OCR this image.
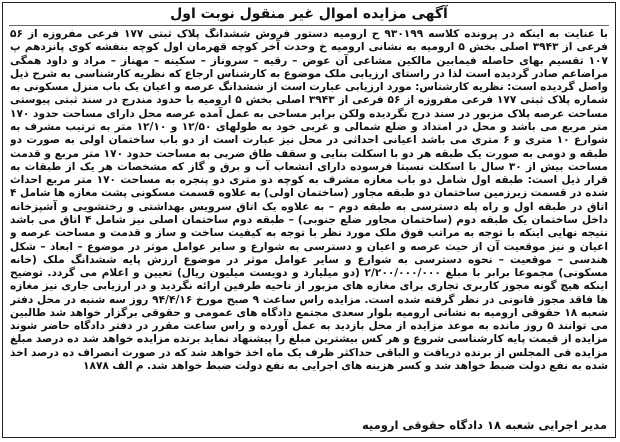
آگهی مزایده اموال غیر منقول نوبت اول

با عنایت به اینکه در پرونده کلاسه ۹۳۰۱۹۹ ح ارومیه دستور فروش ششدانگ پلاک ثبتی ۱۷۷ فرعی مفروزه از ۵۶ فرعی از ۳۹۴۳ اصلی بخش ۵ ارومیه به نشانی ارومیه خ وحدت آخر کوچه قهرمان اول کوچه بنفشه کوی پانزدهم پ ۱۰۷ تقسیم بهای حاصله فیمابین مالکین مشاعی آن عوض – رقیه – سروناز – سکینه – مهناز – مراد و داود همگی مراضاعم صادر گردیده است لذا در راستای ارزیابی ملک موضوع به کارشناس ارجاع که نظریه کارشناسی به شرح ذیل واصل گردیده است: نظریه کارشناس: مورد ارزیابی عبارت است از ششدانگ عرصه و اعیان یک باب منزل مسکونی به شماره پلاک ثبتی ۱۷۷ فرعی مفروزه از ۵۶ فرعی از ۳۹۴۳ اصلی بخش ۵ ارومیه با حدود مندرج در سند ثبتی پیوستی مساحت عرصه پلاک مزبور در سند درج نگردیده ولکن برابر مساحی به عمل آمده عرصه محل دارای مساحت حدود ۱۷۰ متر مربع می باشد و محل در امتداد و ضلع شمالی و غربی خود به طولهای ۱۲/۵۰ و ۱۲/۱۰ متر به ترتیب مشرف به شوارع ۱۰ متری و ۶ متری می باشد اعیانی احداثی در محل نیز عبارت است از دو باب ساختمان اولی به صورت دو طبقه و دومی به صورت یک طبقه هر دو با اسکلت بنایی و سقف طاق ضربی به مساحت حدود ۱۷۰ متر مربع و قدمت مساحت بیش از ۳۰ سال با اسکلت نسبتا فرسوده دارای انشعاب آب و برق و گاز که مشخصات هر یک از طبقات به قرار ذیل است: طبقه اول شامل دو باب مغازه مشرف به کوچه دو متری دو پنجره به مساحت ۱۷۰ متر مربع احداث شده در قسمت زیرزمین ساختمان دو طبقه مجاور (ساختمان اولی) به علاوه قسمت مسکونی پشت مغازه ها شامل ۴ اتاق در طبقه اول و راه پله دسترسی به طبقه دوم – به علاوه یک اتاق سرویس بهداشتی و رختشویی و آشپزخانه داخل ساختمان یک طبقه دوم (ساختمان مجاور ضلع جنوبی) – طبقه دوم ساختمان اصلی نیز شامل ۴ اتاق می باشد نتیجه نهایی اینکه با توجه به مراتب فوق ملک مورد نظر با توجه به کیفیت ساخت و ساز و قدمت و مساحت عرصه و اعیان و نیز موقعیت آن از حیث عرصه و اعیان و دسترسی به شوارع و سایر عوامل موثر در موضوع – ابعاد – شکل هندسی – موقعیت – نحوه دسترسی به شوارع و سایر عوامل موثر در موضوع ارزش پایه ششدانگ ملک (خانه مسکونی) مجموعا برابر با مبلغ ۲/۲۰۰/۰۰۰/۰۰۰ (دو میلیارد و دویست میلیون ریال) تعیین و اعلام می گردد. توضیح اینکه هیچ گونه مجوز کاربری تجاری برای مغازه های مزبور از ناحیه طرفین ارائه نگردید و در ارزیابی جاری نیز مغازه ها فاقد مجوز قانونی در نظر گرفته شده است. مزایده راس ساعت ۹ صبح مورخ ۹۴/۴/۱۶ روز سه شنبه در محل دفتر شعبه ۱۸ حقوقی ارومیه به نشانی ارومیه بلوار سعدی مجتمع دادگاه های عمومی و حقوقی برگزار خواهد شد طالبین می توانند ۵ روز مانده به موعد مزایده از محل بازدید به عمل آورده و راس ساعت مقرر در دفتر دادگاه حاضر شوند مزایده از قیمت پایه کارشناسی شروع و هر کس بیشترین مبلغ را پیشنهاد نماید برنده مزایده خواهد شد ده درصد مبلغ مزایده فی المجلس از برنده دریافت و الباقی حداکثر ظرف یک ماه اخذ خواهد شد که در صورت انصراف ده درصد اخذ شده به نفع دولت ضبط خواهد شد و کسر هزینه های اجرایی به نفع دولت ضبط خواهد شد. م الف ۱۸۷۸

مدیر اجرایی شعبه ۱۸ دادگاه حقوقی ارومیه
